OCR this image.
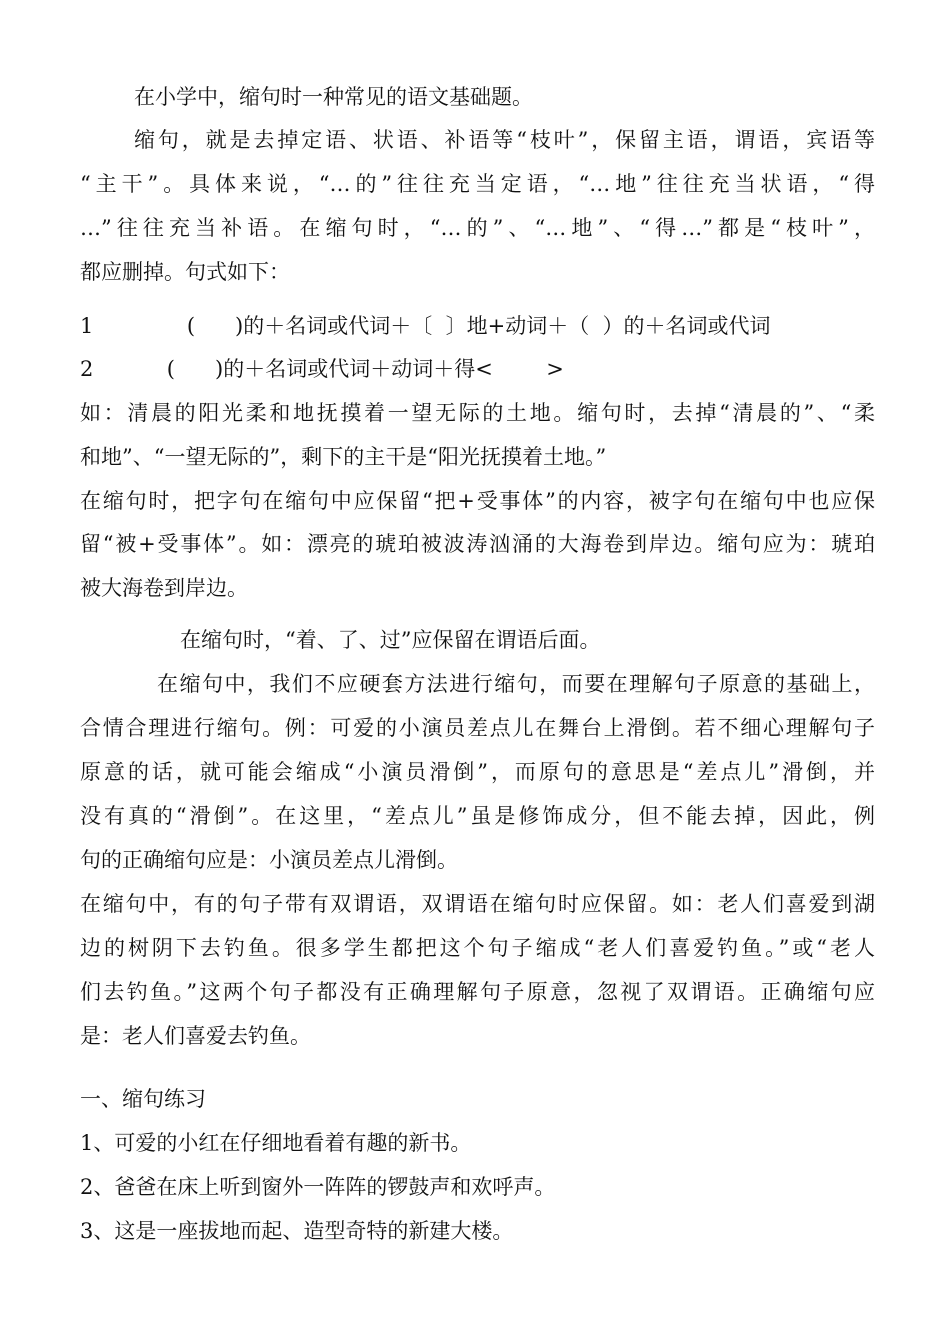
在小学中，缩句时一种常见的语文基础题。
缩句，就是去掉定语、状语、补语等“枝叶”，保留主语，谓语，宾语等
“主干”。具体来说，“…的”往往充当定语，“…地”往往充当状语，“得
…”往往充当补语。在缩句时，“…的”、“…地”、“得…”都是“枝叶”，
都应删掉。句式如下：
1              (      )的＋名词或代词＋〔  〕地+动词＋（  ）的＋名词或代词
2           (      )的＋名词或代词＋动词＋得<        >
如：清晨的阳光柔和地抚摸着一望无际的土地。缩句时，去掉“清晨的”、“柔
和地”、“一望无际的”，剩下的主干是“阳光抚摸着土地。”
在缩句时，把字句在缩句中应保留“把+受事体”的内容，被字句在缩句中也应保
留“被+受事体”。如：漂亮的琥珀被波涛汹涌的大海卷到岸边。缩句应为：琥珀
被大海卷到岸边。
在缩句时，“着、了、过”应保留在谓语后面。
在缩句中，我们不应硬套方法进行缩句，而要在理解句子原意的基础上，
合情合理进行缩句。例：可爱的小演员差点儿在舞台上滑倒。若不细心理解句子
原意的话，就可能会缩成“小演员滑倒”，而原句的意思是“差点儿”滑倒，并
没有真的“滑倒”。在这里，“差点儿”虽是修饰成分，但不能去掉，因此，例
句的正确缩句应是：小演员差点儿滑倒。
在缩句中，有的句子带有双谓语，双谓语在缩句时应保留。如：老人们喜爱到湖
边的树阴下去钓鱼。很多学生都把这个句子缩成“老人们喜爱钓鱼。”或“老人
们去钓鱼。”这两个句子都没有正确理解句子原意，忽视了双谓语。正确缩句应
是：老人们喜爱去钓鱼。
一、缩句练习
1、可爱的小红在仔细地看着有趣的新书。
2、爸爸在床上听到窗外一阵阵的锣鼓声和欢呼声。
3、这是一座拔地而起、造型奇特的新建大楼。
